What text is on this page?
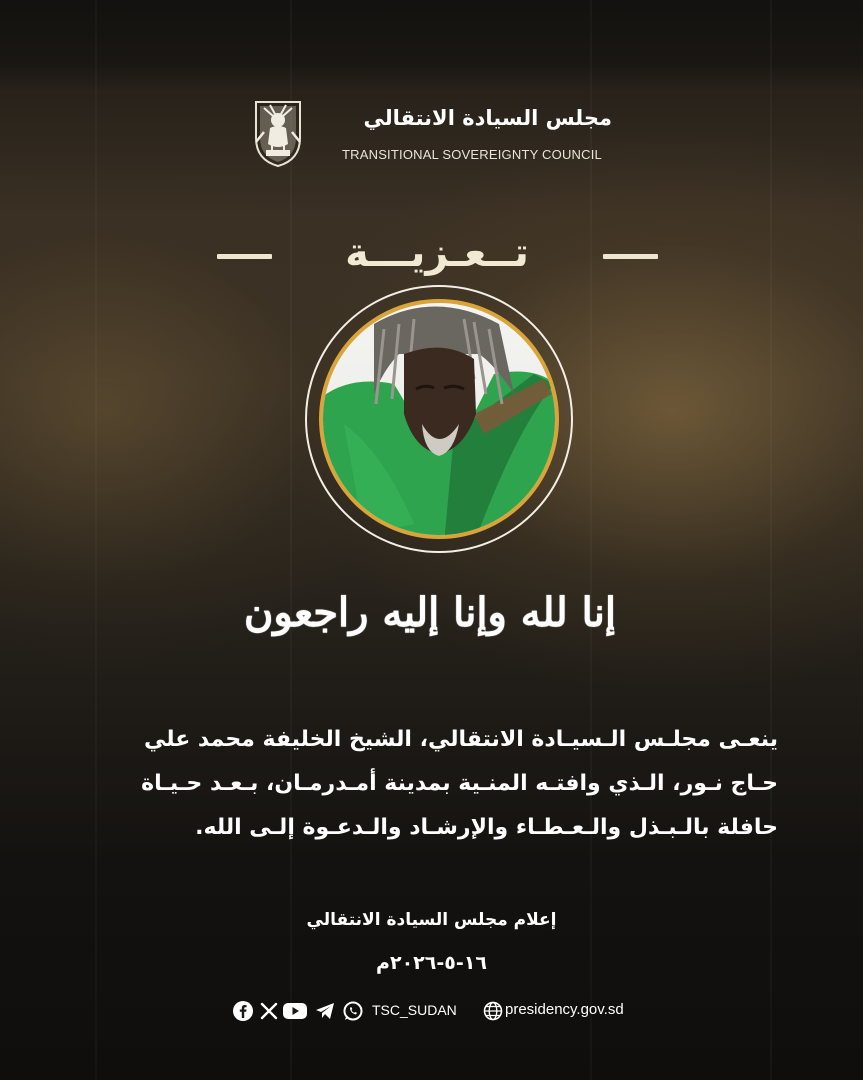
مجلس السيادة الانتقالي
TRANSITIONAL SOVEREIGNTY COUNCIL
تــعـزيـــة
إنا لله وإنا إليه راجعون
ينعـى مجلـس الـسيـادة الانتقالي، الشيخ الخليفة محمد علي
حـاج نـور، الـذي وافتـه المنـية بمدينة أمـدرمـان، بـعـد حـيـاة
حافلة بالـبـذل والـعـطـاء والإرشـاد والـدعـوة إلـى الله.
إعلام مجلس السيادة الانتقالي
١٦-٥-٢٠٢٦م
TSC_SUDAN	presidency.gov.sd
